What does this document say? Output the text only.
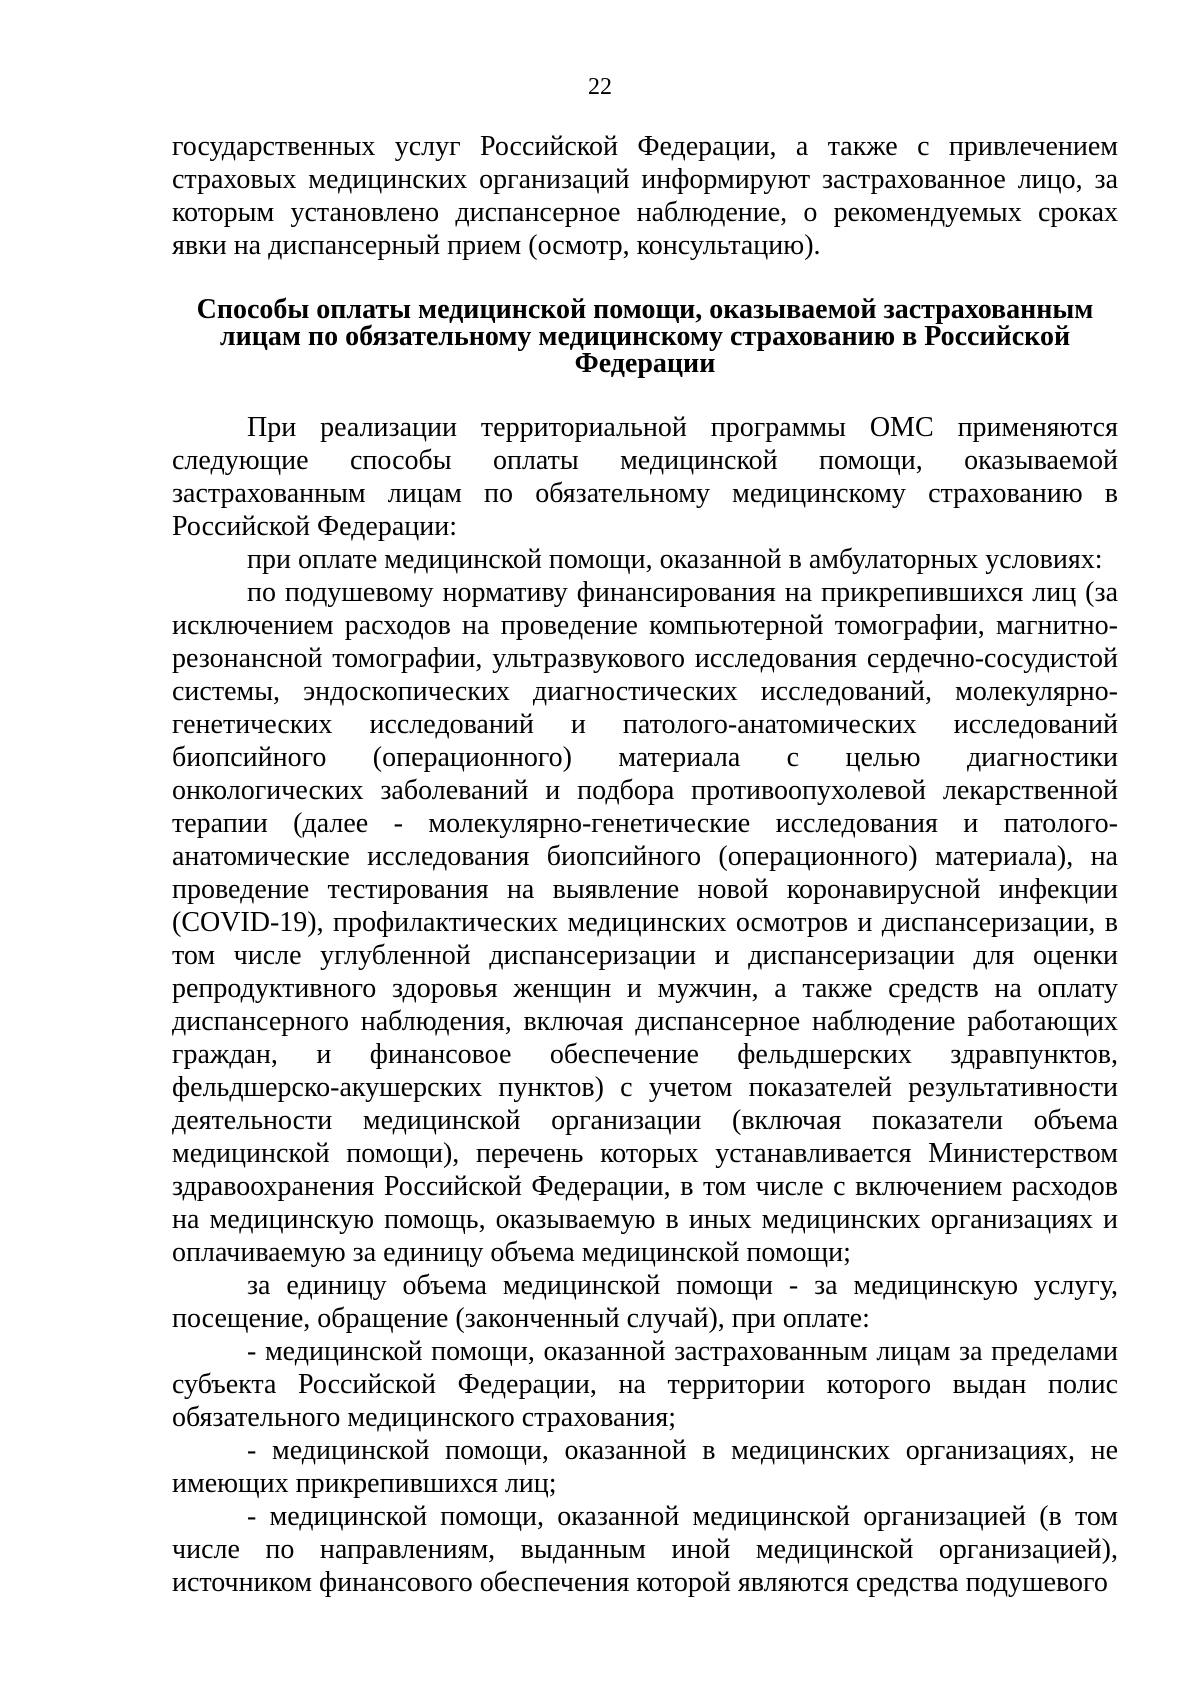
22

государственных услуг Российской Федерации, а также с привлечением страховых медицинских организаций информируют застрахованное лицо, за которым установлено диспансерное наблюдение, о рекомендуемых сроках явки на диспансерный прием (осмотр, консультацию).

Способы оплаты медицинской помощи, оказываемой застрахованным лицам по обязательному медицинскому страхованию в Российской Федерации

При реализации территориальной программы ОМС применяются следующие способы оплаты медицинской помощи, оказываемой застрахованным лицам по обязательному медицинскому страхованию в Российской Федерации:

при оплате медицинской помощи, оказанной в амбулаторных условиях:

по подушевому нормативу финансирования на прикрепившихся лиц (за исключением расходов на проведение компьютерной томографии, магнитно-резонансной томографии, ультразвукового исследования сердечно-сосудистой системы, эндоскопических диагностических исследований, молекулярно-генетических исследований и патолого-анатомических исследований биопсийного (операционного) материала с целью диагностики онкологических заболеваний и подбора противоопухолевой лекарственной терапии (далее - молекулярно-генетические исследования и патолого-анатомические исследования биопсийного (операционного) материала), на проведение тестирования на выявление новой коронавирусной инфекции (COVID-19), профилактических медицинских осмотров и диспансеризации, в том числе углубленной диспансеризации и диспансеризации для оценки репродуктивного здоровья женщин и мужчин, а также средств на оплату диспансерного наблюдения, включая диспансерное наблюдение работающих граждан, и финансовое обеспечение фельдшерских здравпунктов, фельдшерско-акушерских пунктов) с учетом показателей результативности деятельности медицинской организации (включая показатели объема медицинской помощи), перечень которых устанавливается Министерством здравоохранения Российской Федерации, в том числе с включением расходов на медицинскую помощь, оказываемую в иных медицинских организациях и оплачиваемую за единицу объема медицинской помощи;

за единицу объема медицинской помощи - за медицинскую услугу, посещение, обращение (законченный случай), при оплате:

- медицинской помощи, оказанной застрахованным лицам за пределами субъекта Российской Федерации, на территории которого выдан полис обязательного медицинского страхования;

- медицинской помощи, оказанной в медицинских организациях, не имеющих прикрепившихся лиц;

- медицинской помощи, оказанной медицинской организацией (в том числе по направлениям, выданным иной медицинской организацией), источником финансового обеспечения которой являются средства подушевого
